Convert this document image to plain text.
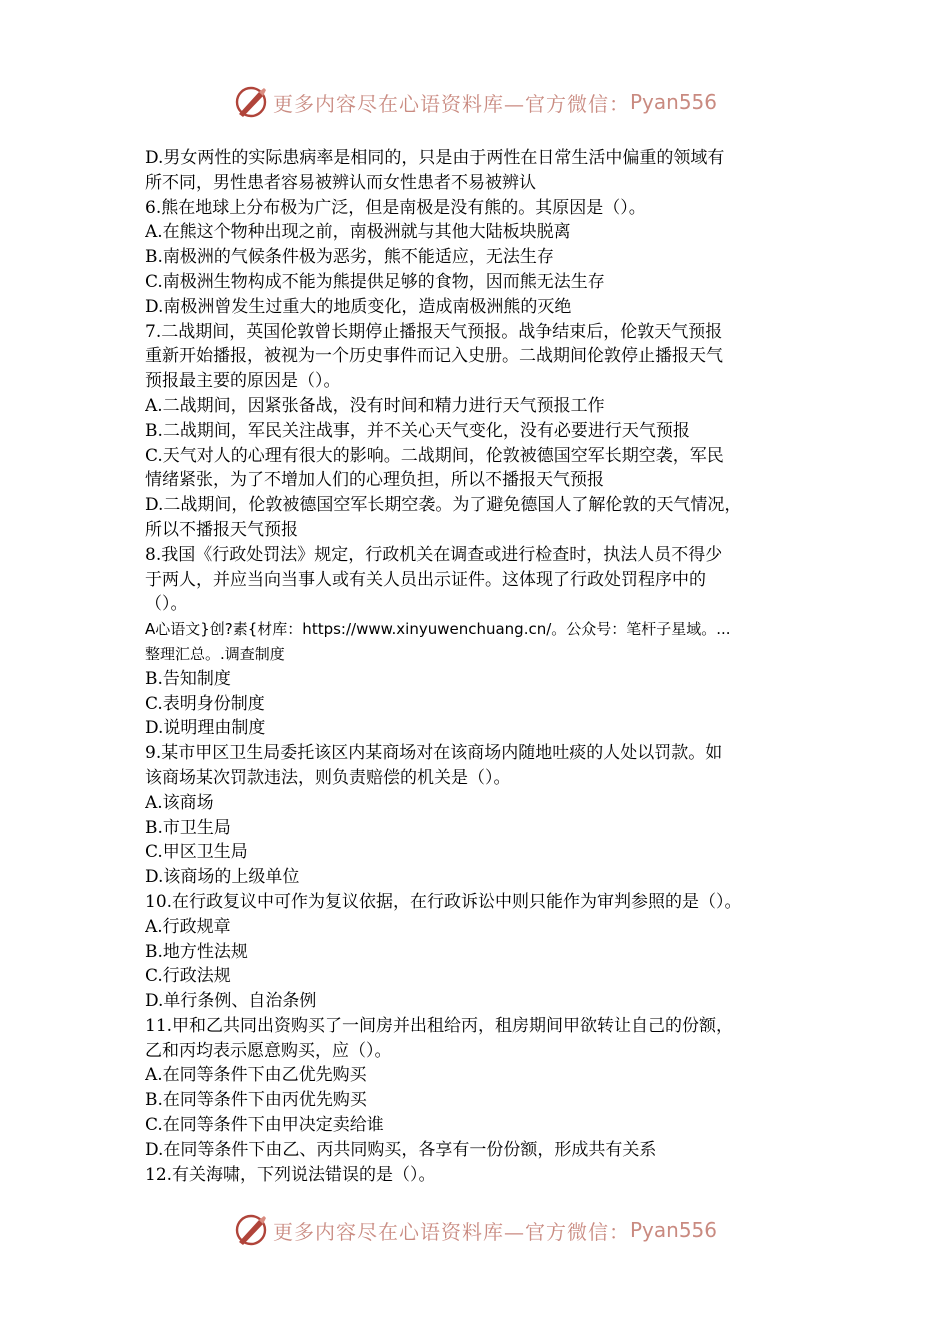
更多内容尽在心语资料库—官方微信： Pyan556

D.男女两性的实际患病率是相同的，只是由于两性在日常生活中偏重的领域有

所不同，男性患者容易被辨认而女性患者不易被辨认

6.熊在地球上分布极为广泛，但是南极是没有熊的。其原因是（）。

A.在熊这个物种出现之前，南极洲就与其他大陆板块脱离

B.南极洲的气候条件极为恶劣，熊不能适应，无法生存

C.南极洲生物构成不能为熊提供足够的食物，因而熊无法生存

D.南极洲曾发生过重大的地质变化，造成南极洲熊的灭绝

7.二战期间，英国伦敦曾长期停止播报天气预报。战争结束后，伦敦天气预报

重新开始播报，被视为一个历史事件而记入史册。二战期间伦敦停止播报天气

预报最主要的原因是（）。

A.二战期间，因紧张备战，没有时间和精力进行天气预报工作

B.二战期间，军民关注战事，并不关心天气变化，没有必要进行天气预报

C.天气对人的心理有很大的影响。二战期间，伦敦被德国空军长期空袭，军民

情绪紧张，为了不增加人们的心理负担，所以不播报天气预报

D.二战期间，伦敦被德国空军长期空袭。为了避免德国人了解伦敦的天气情况，

所以不播报天气预报

8.我国《行政处罚法》规定，行政机关在调查或进行检查时，执法人员不得少

于两人，并应当向当事人或有关人员出示证件。这体现了行政处罚程序中的

（）。

A心语文}创?素{材库：https://www.xinyuwenchuang.cn/。公众号：笔杆子星域。...

整理汇总。.调查制度

B.告知制度

C.表明身份制度

D.说明理由制度

9.某市甲区卫生局委托该区内某商场对在该商场内随地吐痰的人处以罚款。如

该商场某次罚款违法，则负责赔偿的机关是（）。

A.该商场

B.市卫生局

C.甲区卫生局

D.该商场的上级单位

10.在行政复议中可作为复议依据，在行政诉讼中则只能作为审判参照的是（）。

A.行政规章

B.地方性法规

C.行政法规

D.单行条例、自治条例

11.甲和乙共同出资购买了一间房并出租给丙，租房期间甲欲转让自己的份额，

乙和丙均表示愿意购买，应（）。

A.在同等条件下由乙优先购买

B.在同等条件下由丙优先购买

C.在同等条件下由甲决定卖给谁

D.在同等条件下由乙、丙共同购买，各享有一份份额，形成共有关系

12.有关海啸，下列说法错误的是（）。

更多内容尽在心语资料库—官方微信： Pyan556
